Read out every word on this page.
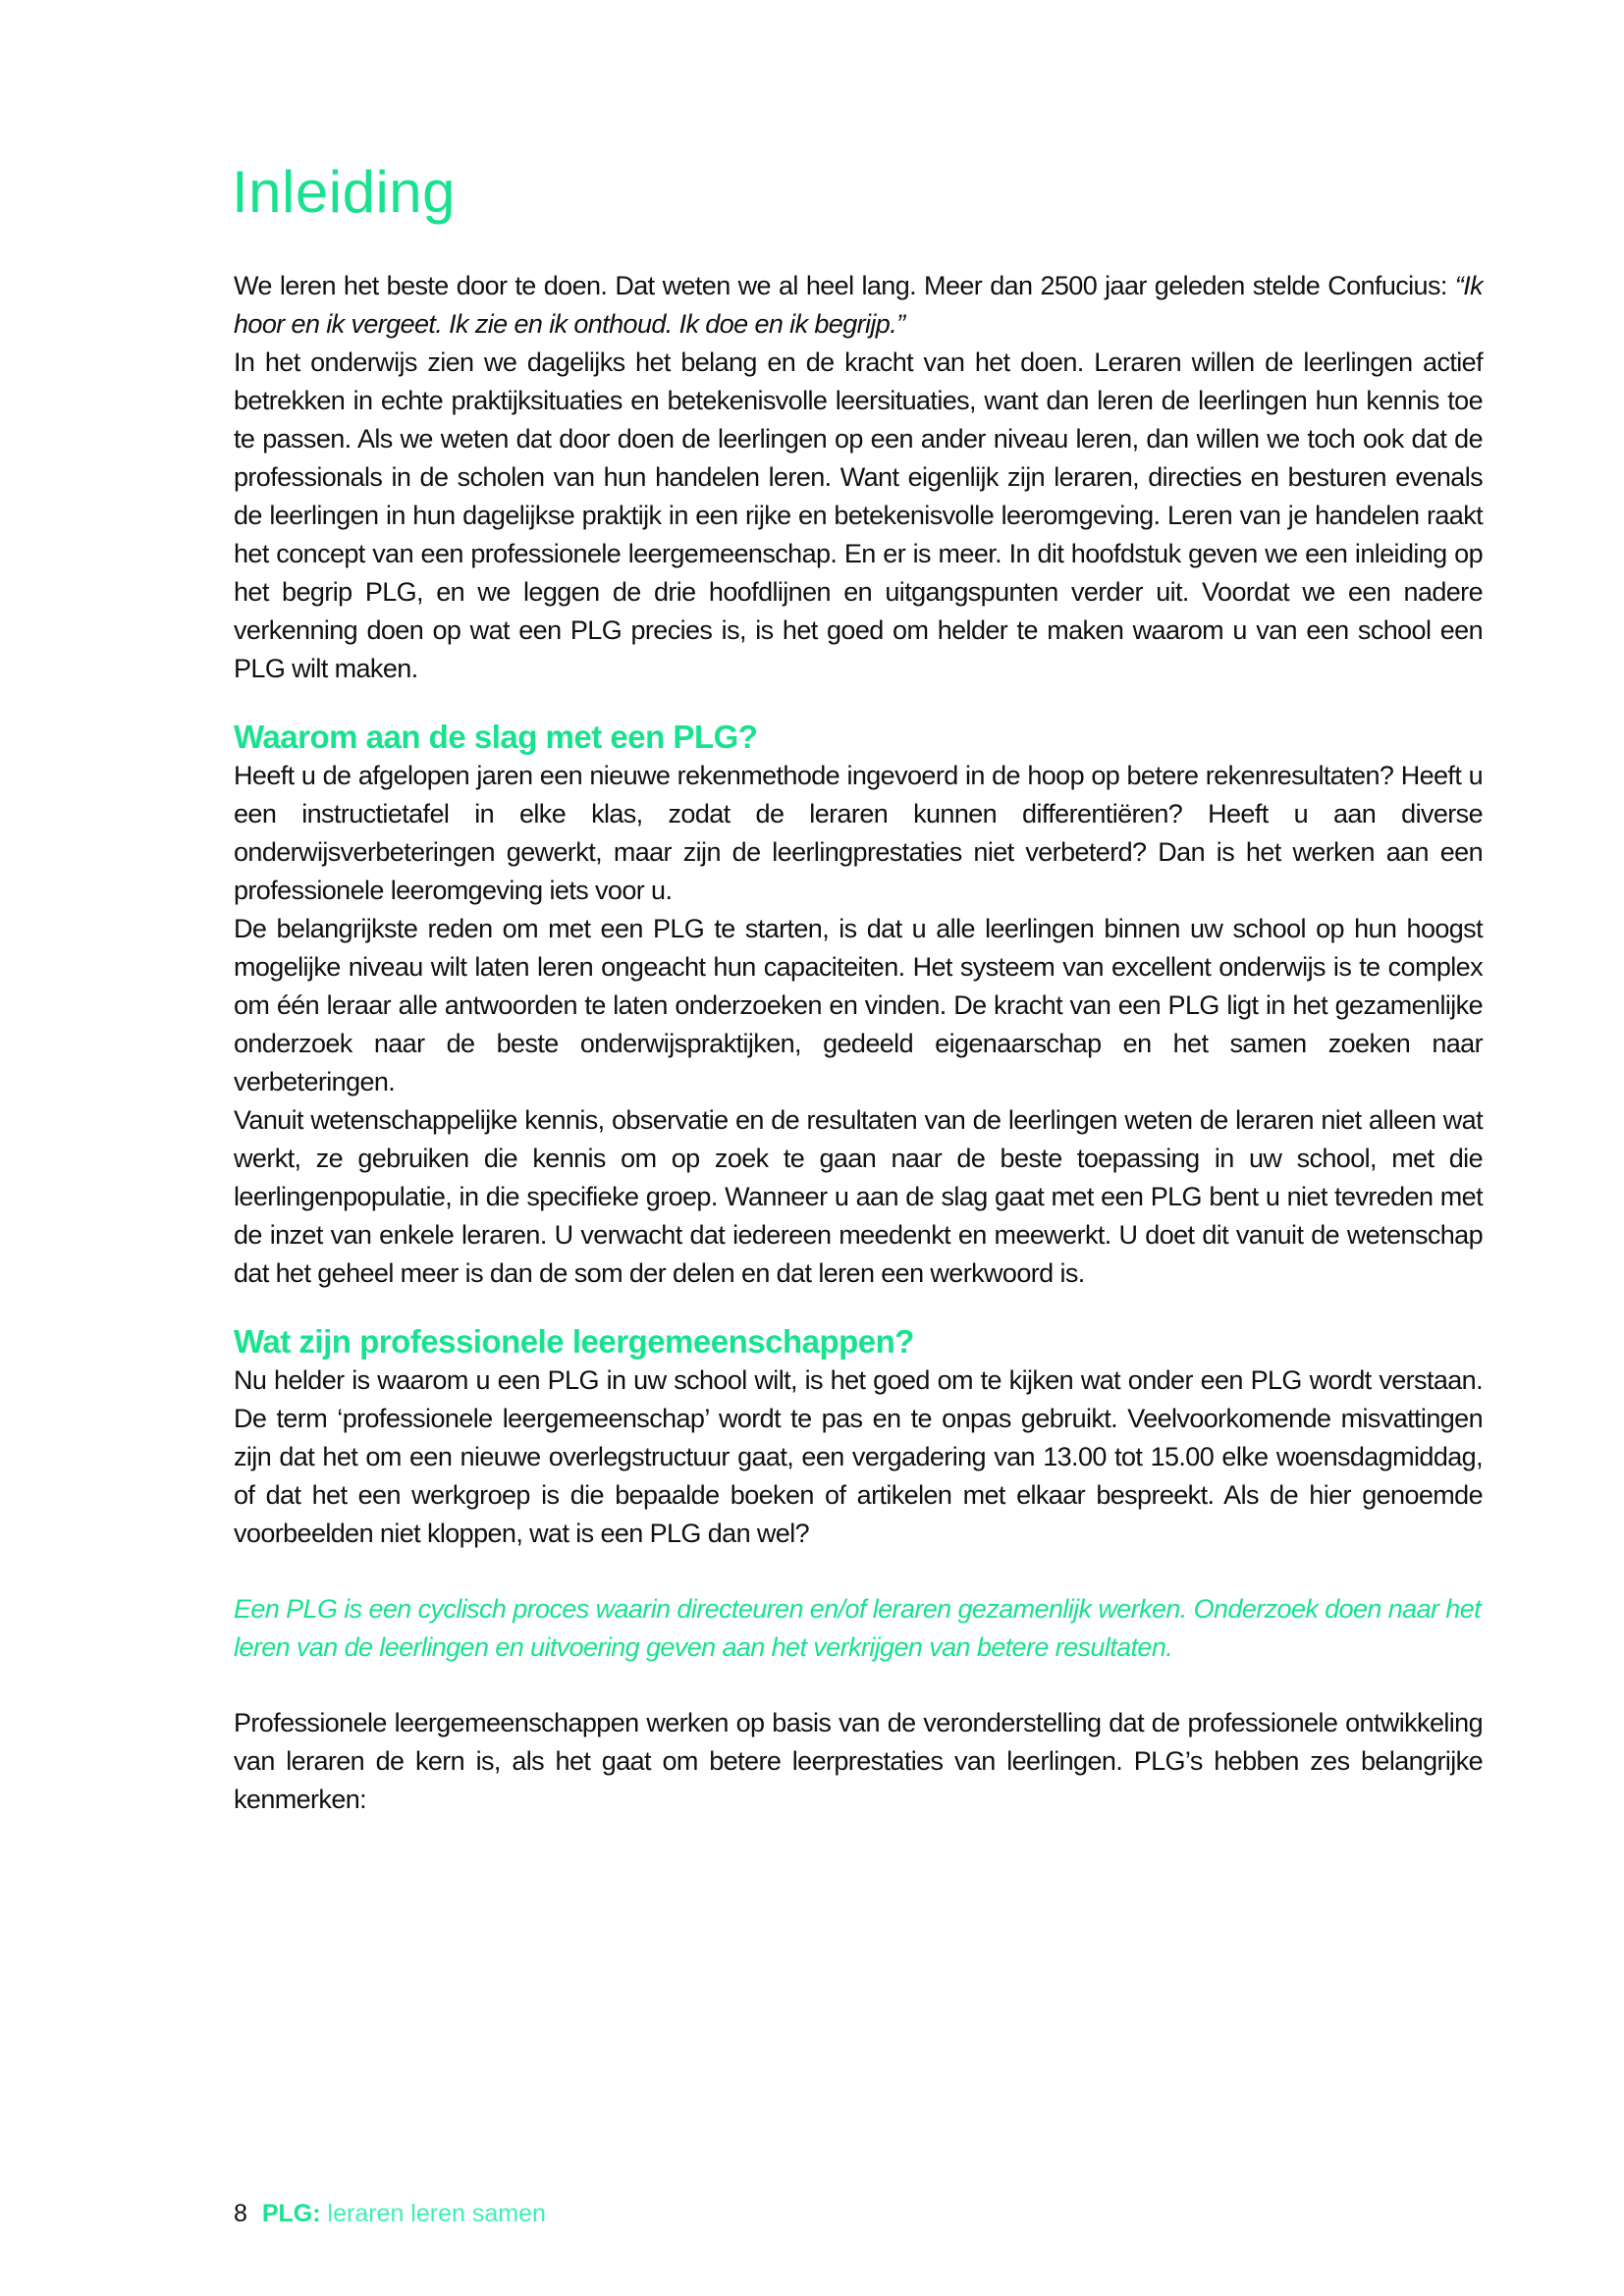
Inleiding

We leren het beste door te doen. Dat weten we al heel lang. Meer dan 2500 jaar geleden stelde Confucius: “Ik hoor en ik vergeet. Ik zie en ik onthoud. Ik doe en ik begrijp.”

In het onderwijs zien we dagelijks het belang en de kracht van het doen. Leraren willen de leerlingen actief betrekken in echte praktijksituaties en betekenisvolle leersituaties, want dan leren de leerlingen hun kennis toe te passen. Als we weten dat door doen de leerlingen op een ander niveau leren, dan willen we toch ook dat de professionals in de scholen van hun handelen leren. Want eigenlijk zijn leraren, directies en besturen evenals de leerlingen in hun dagelijkse praktijk in een rijke en betekenisvolle leeromgeving. Leren van je handelen raakt het concept van een professionele leergemeenschap. En er is meer. In dit hoofdstuk geven we een inleiding op het begrip PLG, en we leggen de drie hoofdlijnen en uitgangspunten verder uit. Voordat we een nadere verkenning doen op wat een PLG precies is, is het goed om helder te maken waarom u van een school een PLG wilt maken.

Waarom aan de slag met een PLG?

Heeft u de afgelopen jaren een nieuwe rekenmethode ingevoerd in de hoop op betere rekenresultaten? Heeft u een instructietafel in elke klas, zodat de leraren kunnen differentiëren? Heeft u aan diverse onderwijsverbeteringen gewerkt, maar zijn de leerlingprestaties niet verbeterd? Dan is het werken aan een professionele leeromgeving iets voor u.

De belangrijkste reden om met een PLG te starten, is dat u alle leerlingen binnen uw school op hun hoogst mogelijke niveau wilt laten leren ongeacht hun capaciteiten. Het systeem van excellent onderwijs is te complex om één leraar alle antwoorden te laten onderzoeken en vinden. De kracht van een PLG ligt in het gezamenlijke onderzoek naar de beste onderwijspraktijken, gedeeld eigenaarschap en het samen zoeken naar verbeteringen.

Vanuit wetenschappelijke kennis, observatie en de resultaten van de leerlingen weten de leraren niet alleen wat werkt, ze gebruiken die kennis om op zoek te gaan naar de beste toepassing in uw school, met die leerlingenpopulatie, in die specifieke groep. Wanneer u aan de slag gaat met een PLG bent u niet tevreden met de inzet van enkele leraren. U verwacht dat iedereen meedenkt en meewerkt. U doet dit vanuit de wetenschap dat het geheel meer is dan de som der delen en dat leren een werkwoord is.

Wat zijn professionele leergemeenschappen?

Nu helder is waarom u een PLG in uw school wilt, is het goed om te kijken wat onder een PLG wordt verstaan. De term ‘professionele leergemeenschap’ wordt te pas en te onpas gebruikt. Veelvoorkomende misvattingen zijn dat het om een nieuwe overlegstructuur gaat, een vergadering van 13.00 tot 15.00 elke woensdagmiddag, of dat het een werkgroep is die bepaalde boeken of artikelen met elkaar bespreekt. Als de hier genoemde voorbeelden niet kloppen, wat is een PLG dan wel?

Een PLG is een cyclisch proces waarin directeuren en/of leraren gezamenlijk werken. Onderzoek doen naar het leren van de leerlingen en uitvoering geven aan het verkrijgen van betere resultaten.

Professionele leergemeenschappen werken op basis van de veronderstelling dat de professionele ontwikkeling van leraren de kern is, als het gaat om betere leerprestaties van leerlingen. PLG’s hebben zes belangrijke kenmerken:

8 PLG: leraren leren samen
